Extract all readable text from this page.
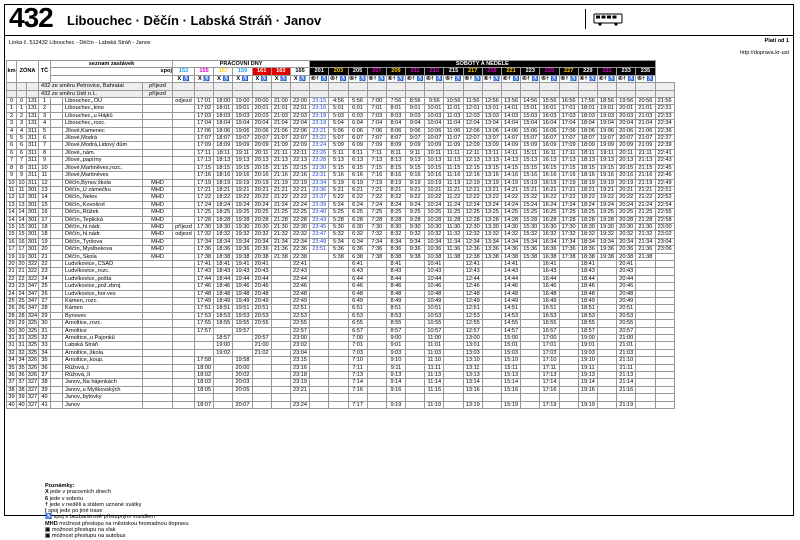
432 Libouchec · Děčín · Labská Stráň · Janov
Linka č. 512432 Libouchec - Děčín - Labská Stráň - Janov	Platí od 1
http://doprava.kr-ust
km	ZÓNA		TČ	seznam zastávek			PRACOVNÍ DNY							SOBOTY A NEDĚLE																		
				spoj			153	155	157	159	161	163	165	201	203	205	207	209	211	213	215	217	219	221	223	225	227	229	231	233	235	
							X ♿	X ♿	X ♿	X ♿	X ♿	X ♿	X ♿	⑥† ♿	⑥† ♿	⑥† ♿	⑥† ♿	⑥† ♿	⑥† ♿	⑥† ♿	⑥† ♿	⑥† ♿	⑥† ♿	⑥† ♿	⑥† ♿	⑥† ♿	⑥† ♿	⑥† ♿	⑥† ♿	⑥† ♿	⑥† ♿	
			432 ze směru Petrovice, Bahratal			příjezd																										
			432 ze směru Ústí n.L.			příjezd																										
0	0	131	1		Libouchec,,OÚ		odjezd	17:01	18:00	19:00	20:00	21:00	22:00	23:15	4:56	5:56	7:00	7:56	8:56	9:56	10:56	11:56	12:56	13:56	14:56	15:56	16:56	17:56	18:56	19:56	20:56	21:56
1	1	131	2		Libouchec,,kino			17:02	18:01	19:01	20:01	21:01	22:01	23:16	5:01	6:01	7:01	8:01	9:01	10:01	11:01	12:01	13:01	14:01	15:01	16:01	17:01	18:01	19:01	20:01	21:01	22:31
2	2	131	3		Libouchec,,u Hájků			17:03	18:03	19:03	20:03	21:03	22:03	23:18	5:03	6:03	7:03	8:03	9:03	10:03	11:03	12:03	13:03	14:03	15:03	16:03	17:03	18:03	19:03	20:03	21:03	22:33
3	3	131	4		Libouchec,,rozc.			17:04	18:04	19:04	20:04	21:04	22:04	23:19	5:04	6:04	7:04	8:04	9:04	10:04	11:04	12:04	13:04	14:04	15:04	16:04	17:04	18:04	19:04	20:04	21:04	22:34
4	4	311	5		Jílové,Kamenec			17:06	18:06	19:06	20:06	21:06	22:06	23:21	5:06	6:06	7:06	8:06	9:06	10:06	11:06	12:06	13:06	14:06	15:06	16:06	17:06	18:06	19:06	20:06	21:06	22:36
5	5	311	6		Jílové,Modrá			17:07	18:07	19:07	20:07	21:07	22:07	23:22	5:07	6:07	7:07	8:07	9:07	10:07	11:07	12:07	13:07	14:07	15:07	16:07	17:07	18:07	19:07	20:07	21:07	22:37
6	6	311	7		Jílové,Modrá,Lidový dům			17:09	18:09	19:09	20:09	21:09	22:09	23:24	5:09	6:09	7:09	8:09	9:09	10:09	11:09	12:09	13:09	14:09	15:09	16:09	17:09	18:09	19:09	20:09	21:09	22:39
6	6	311	8		Jílové,,nám.			17:11	18:11	19:11	20:11	21:11	22:11	23:26	5:11	6:11	7:11	8:11	9:11	10:11	11:11	12:11	13:11	14:11	15:11	16:11	17:11	18:11	19:11	20:11	21:11	22:41
7	7	311	9		Jílové,,papírny			17:13	18:13	19:13	20:13	21:13	22:13	23:28	5:13	6:13	7:13	8:13	9:13	10:13	11:13	12:13	13:13	14:13	15:13	16:13	17:13	18:13	19:13	20:13	21:13	22:43
8	8	311	10		Jílové,Martiněves,rozc.			17:15	18:15	19:15	20:15	21:15	22:15	23:30	5:15	6:15	7:15	8:15	9:15	10:15	11:15	12:15	13:15	14:15	15:15	16:15	17:15	18:15	19:15	20:15	21:15	22:45
9	9	311	11		Jílové,Martiněves			17:16	18:16	19:16	20:16	21:16	22:16	23:31	5:16	6:16	7:16	8:16	9:16	10:16	11:16	12:16	13:16	14:16	15:16	16:16	17:16	18:16	19:16	20:16	21:16	22:46
10	10	311	12		Děčín,Bynov,škola	MHD		17:19	18:19	19:19	20:19	21:19	22:19	23:34	5:19	6:19	7:19	8:19	9:19	10:19	11:19	12:19	13:19	14:19	15:19	16:19	17:19	18:19	19:19	20:19	21:19	22:49
11	11	301	13		Děčín,,U zámečku	MHD		17:21	18:21	19:21	20:21	21:21	22:21	23:36	5:21	6:21	7:21	8:21	9:21	10:21	11:21	12:21	13:21	14:21	15:21	16:21	17:21	18:21	19:21	20:21	21:21	22:51
12	12	301	14		Děčín,,Nelex	MHD		17:22	18:22	19:22	20:22	21:22	22:22	23:37	5:22	6:22	7:22	8:22	9:22	10:22	11:22	12:22	13:22	14:22	15:22	16:22	17:22	18:22	19:22	20:22	21:22	22:52
13	13	301	15		Děčín,,Kovošrot	MHD		17:24	18:24	19:24	20:24	21:24	22:24	23:39	5:24	6:24	7:24	8:24	9:24	10:24	11:24	12:24	13:24	14:24	15:24	16:24	17:24	18:24	19:24	20:24	21:24	22:54
14	14	301	16		Děčín,,Růžek	MHD		17:25	18:25	19:25	20:25	21:25	22:25	23:40	5:25	6:25	7:25	8:25	9:25	10:25	11:25	12:25	13:25	14:25	15:25	16:25	17:25	18:25	19:25	20:25	21:25	22:55
14	14	301	17		Děčín,,Teplická	MHD		17:28	18:28	19:28	20:28	21:28	22:28	23:43	5:28	6:28	7:28	8:28	9:28	10:28	11:28	12:28	13:28	14:28	15:28	16:28	17:28	18:28	19:28	20:28	21:28	22:58
15	15	301	18		Děčín,,hl.nádr.	MHD	příjezd	17:30	18:30	19:30	20:30	21:30	22:30	23:45	5:30	6:30	7:30	8:30	9:30	10:30	11:30	12:30	13:30	14:30	15:30	16:30	17:30	18:30	19:30	20:30	21:30	23:00
15	15	301	18		Děčín,,hl.nádr.	MHD	odjezd	17:32	18:32	19:32	20:32	21:32	22:32	23:47	5:32	6:32	7:32	8:32	9:32	10:32	11:32	12:32	13:32	14:32	15:32	16:32	17:32	18:32	19:32	20:32	21:32	23:02
16	16	301	19		Děčín,,Tyršova	MHD		17:34	18:34	19:34	20:34	21:34	22:34	23:49	5:34	6:34	7:34	8:34	9:34	10:34	11:34	12:34	13:34	14:34	15:34	16:34	17:34	18:34	19:34	20:34	21:34	23:04
17	17	301	20		Děčín,,Myslbekova	MHD		17:36	18:36	19:36	20:36	21:36	22:36	23:51	5:36	6:36	7:36	8:36	9:36	10:36	11:36	12:36	13:36	14:36	15:36	16:36	17:36	18:36	19:36	20:36	21:36	23:06
19	19	301	21		Děčín,,Škola	MHD		17:38	18:38	19:38	20:38	21:38	22:38		5:38	6:38	7:38	8:38	9:38	10:38	11:38	12:38	13:38	14:38	15:38	16:38	17:38	18:38	19:38	20:38	21:38	
20	20	322	22		Ludvíkovice,,ČSAD			17:41	18:41	19:41	20:41		22:41			6:41		8:41		10:41		12:41		14:41		16:41		18:41		20:41		
21	21	322	23		Ludvíkovice,,rozc.			17:43	18:43	19:43	20:43		22:43			6:43		8:43		10:43		12:43		14:43		16:43		18:43		20:43		
22	22	322	24		Ludvíkovice,,pošta			17:44	18:44	19:44	20:44		22:44			6:44		8:44		10:44		12:44		14:44		16:44		18:44		20:44		
23	23	347	25		Ludvíkovice,,pož.zbroj.			17:46	18:46	19:46	20:46		22:46			6:46		8:46		10:46		12:46		14:46		16:46		18:46		20:46		
24	24	347	26		Ludvíkovice,,hor.ves			17:48	18:48	19:48	20:48		22:48			6:48		8:48		10:48		12:48		14:48		16:48		18:48		20:48		
25	25	347	27		Kámen,,rozc.			17:49	18:49	19:49	20:49		22:49			6:49		8:49		10:49		12:49		14:49		16:49		18:49		20:49		
26	26	347	28		Kámen			17:51	18:51	19:51	20:51		22:51			6:51		8:51		10:51		12:51		14:51		16:51		18:51		20:51		
28	28	324	29		Bynovec			17:53	18:53	19:53	20:53		22:53			6:53		8:53		10:53		12:53		14:53		16:53		18:53		20:53		
29	29	325	30		Arnoltice,,rozc.			17:55	18:55	19:55	20:55		22:55			6:55		8:55		10:55		12:55		14:55		16:55		18:55		20:55		
30	30	325	31		Arnoltice			17:57		19:57			22:57			6:57		8:57		10:57		12:57		14:57		16:57		18:57		20:57		
31	31	325	32		Arnoltice,,u Pajonků				18:57		20:57		23:00			7:00		9:00		11:00		13:00		15:00		17:00		19:00		21:00		
31	31	325	33		Labská Stráň				19:00		21:00		23:02			7:01		9:01		11:01		13:01		15:01		17:01		19:01		21:01		
32	32	325	34		Arnoltice,,škola				19:02		21:02		23:04			7:03		9:03		11:03		13:03		15:03		17:03		19:03		21:03		
34	34	326	35		Arnoltice,,koup.			17:58		19:58			23:15			7:10		9:10		11:10		13:10		15:10		17:10		19:10		21:10		
35	35	326	36		Růžová,,I			18:00		20:00			23:16			7:11		9:11		11:11		13:11		15:11		17:11		19:11		21:11		
36	36	326	37		Růžová,,II			18:02		20:02			23:18			7:13		9:13		11:13		13:13		15:13		17:13		19:13		21:13		
37	37	327	38		Janov,,Na hájenkách			18:03		20:03			23:19			7:14		9:14		11:14		13:14		15:14		17:14		19:14		21:14		
38	38	327	39		Janov,,u Myškovských			18:05		20:05			23:21			7:16		9:16		11:16		13:16		15:16		17:16		19:16		21:16		
39	39	327	40		Janov,,bytovky																											
40	40	327	41		Janov			18:07		20:07			23:24			7:17		9:19		11:19		13:19		15:19		17:19		19:19		21:19		
Poznámky:
X jede v pracovních dnech
6 jede v sobotu
† jede v neděli a státem uznané svátky
| spoj jede po jiné trase
♿ spoj s bezbariérově přístupným vozidlem
MHD možnost přestupu na městskou hromadnou dopravu
▣ možnost přestupu na vlak
▣ možnost přestupu na autobus
